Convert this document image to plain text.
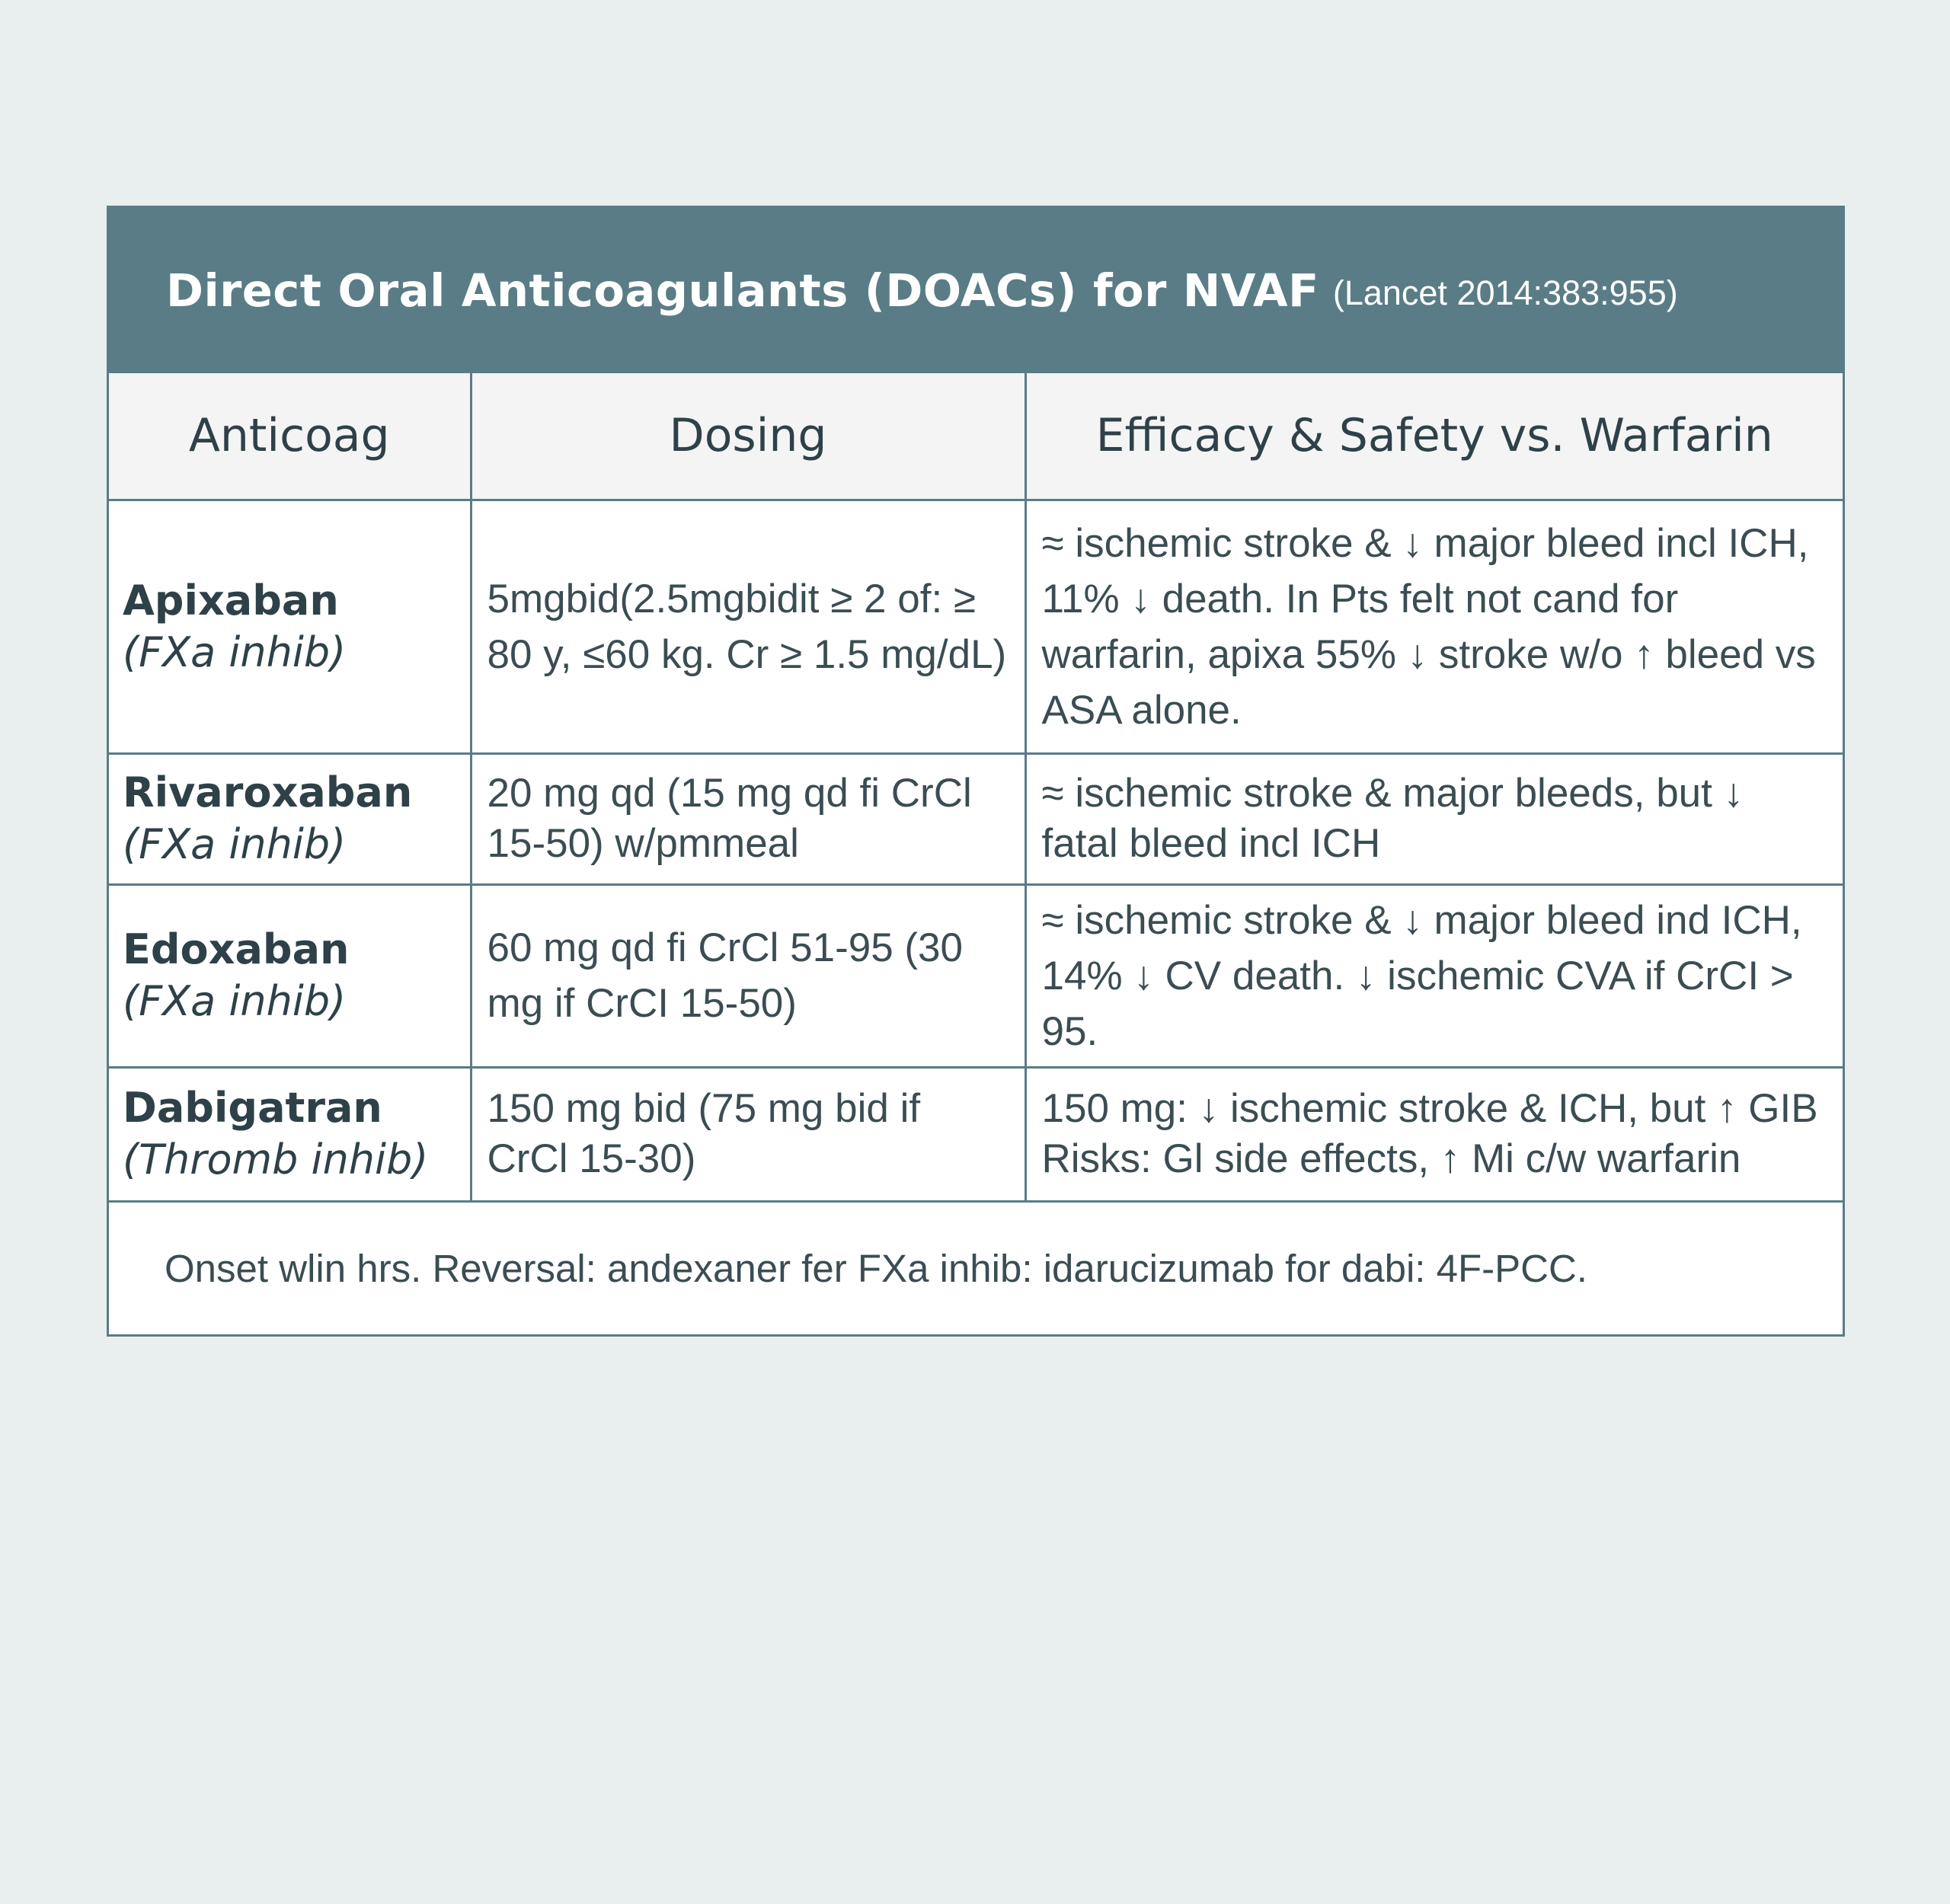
Direct Oral Anticoagulants (DOACs) for NVAF (Lancet 2014:383:955)
Anticoag	Dosing	Efficacy & Safety vs. Warfarin

Apixaban
(FXa inhib)	5mgbid(2.5mgbidit ≥ 2 of: ≥ 80 y, ≤60 kg. Cr ≥ 1.5 mg/dL)	≈ ischemic stroke & ↓ major bleed incl ICH, 11% ↓ death. In Pts felt not cand for warfarin, apixa 55% ↓ stroke w/o ↑ bleed vs ASA alone.

Rivaroxaban
(FXa inhib)	20 mg qd (15 mg qd fi CrCl 15-50) w/pmmeal	≈ ischemic stroke & major bleeds, but ↓ fatal bleed incl ICH

Edoxaban
(FXa inhib)	60 mg qd fi CrCl 51-95 (30 mg if CrCI 15-50)	≈ ischemic stroke & ↓ major bleed ind ICH, 14% ↓ CV death. ↓ ischemic CVA if CrCI > 95.

Dabigatran
(Thromb inhib)	150 mg bid (75 mg bid if CrCl 15-30)	150 mg: ↓ ischemic stroke & ICH, but ↑ GIB Risks: Gl side effects, ↑ Mi c/w warfarin
Onset wlin hrs. Reversal: andexaner fer FXa inhib: idarucizumab for dabi: 4F-PCC.		
